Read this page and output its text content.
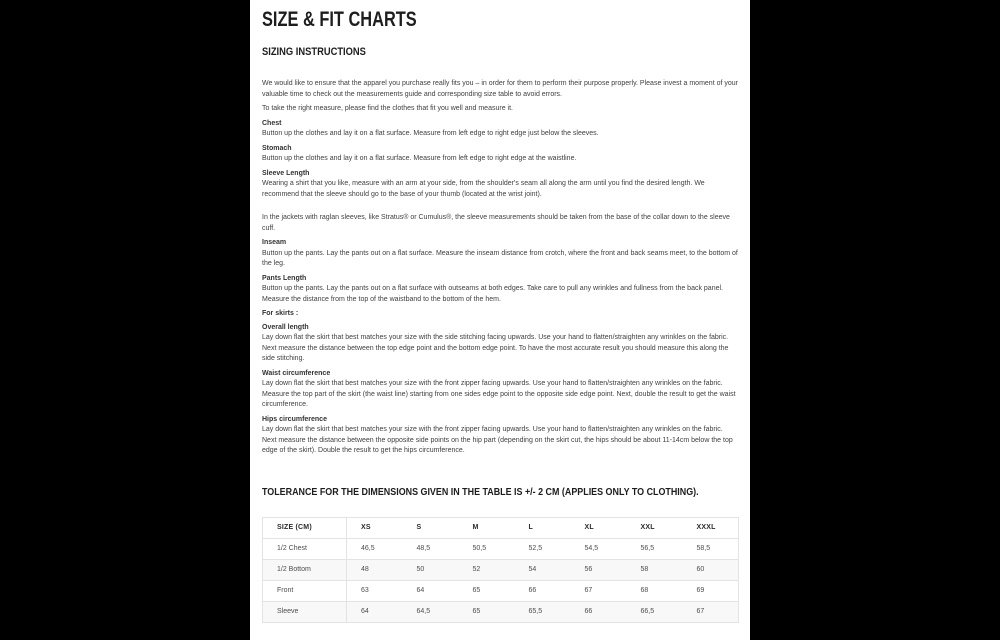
SIZE & FIT CHARTS
SIZING INSTRUCTIONS

We would like to ensure that the apparel you purchase really fits you – in order for them to perform their purpose properly. Please invest a moment of your valuable time to check out the measurements guide and corresponding size table to avoid errors.

To take the right measure, please find the clothes that fit you well and measure it.

Chest

Button up the clothes and lay it on a flat surface. Measure from left edge to right edge just below the sleeves.

Stomach

Button up the clothes and lay it on a flat surface. Measure from left edge to right edge at the waistline.

Sleeve Length

Wearing a shirt that you like, measure with an arm at your side, from the shoulder's seam all along the arm until you find the desired length. We recommend that the sleeve should go to the base of your thumb (located at the wrist joint).

In the jackets with raglan sleeves, like Stratus® or Cumulus®, the sleeve measurements should be taken from the base of the collar down to the sleeve cuff.

Inseam

Button up the pants. Lay the pants out on a flat surface. Measure the inseam distance from crotch, where the front and back seams meet, to the bottom of the leg.

Pants Length

Button up the pants. Lay the pants out on a flat surface with outseams at both edges. Take care to pull any wrinkles and fullness from the back panel. Measure the distance from the top of the waistband to the bottom of the hem.

For skirts :

Overall length

Lay down flat the skirt that best matches your size with the side stitching facing upwards. Use your hand to flatten/straighten any wrinkles on the fabric. Next measure the distance between the top edge point and the bottom edge point. To have the most accurate result you should measure this along the side stitching.

Waist circumference

Lay down flat the skirt that best matches your size with the front zipper facing upwards. Use your hand to flatten/straighten any wrinkles on the fabric. Measure the top part of the skirt (the waist line) starting from one sides edge point to the opposite side edge point. Next, double the result to get the waist circumference.

Hips circumference

Lay down flat the skirt that best matches your size with the front zipper facing upwards. Use your hand to flatten/straighten any wrinkles on the fabric. Next measure the distance between the opposite side points on the hip part (depending on the skirt cut, the hips should be about 11-14cm below the top edge of the skirt). Double the result to get the hips circumference.

TOLERANCE FOR THE DIMENSIONS GIVEN IN THE TABLE IS +/- 2 CM (APPLIES ONLY TO CLOTHING).
SIZE (CM)	XS	S	M	L	XL	XXL	XXXL
1/2 Chest	46,5	48,5	50,5	52,5	54,5	56,5	58,5
1/2 Bottom	48	50	52	54	56	58	60
Front	63	64	65	66	67	68	69
Sleeve	64	64,5	65	65,5	66	66,5	67
